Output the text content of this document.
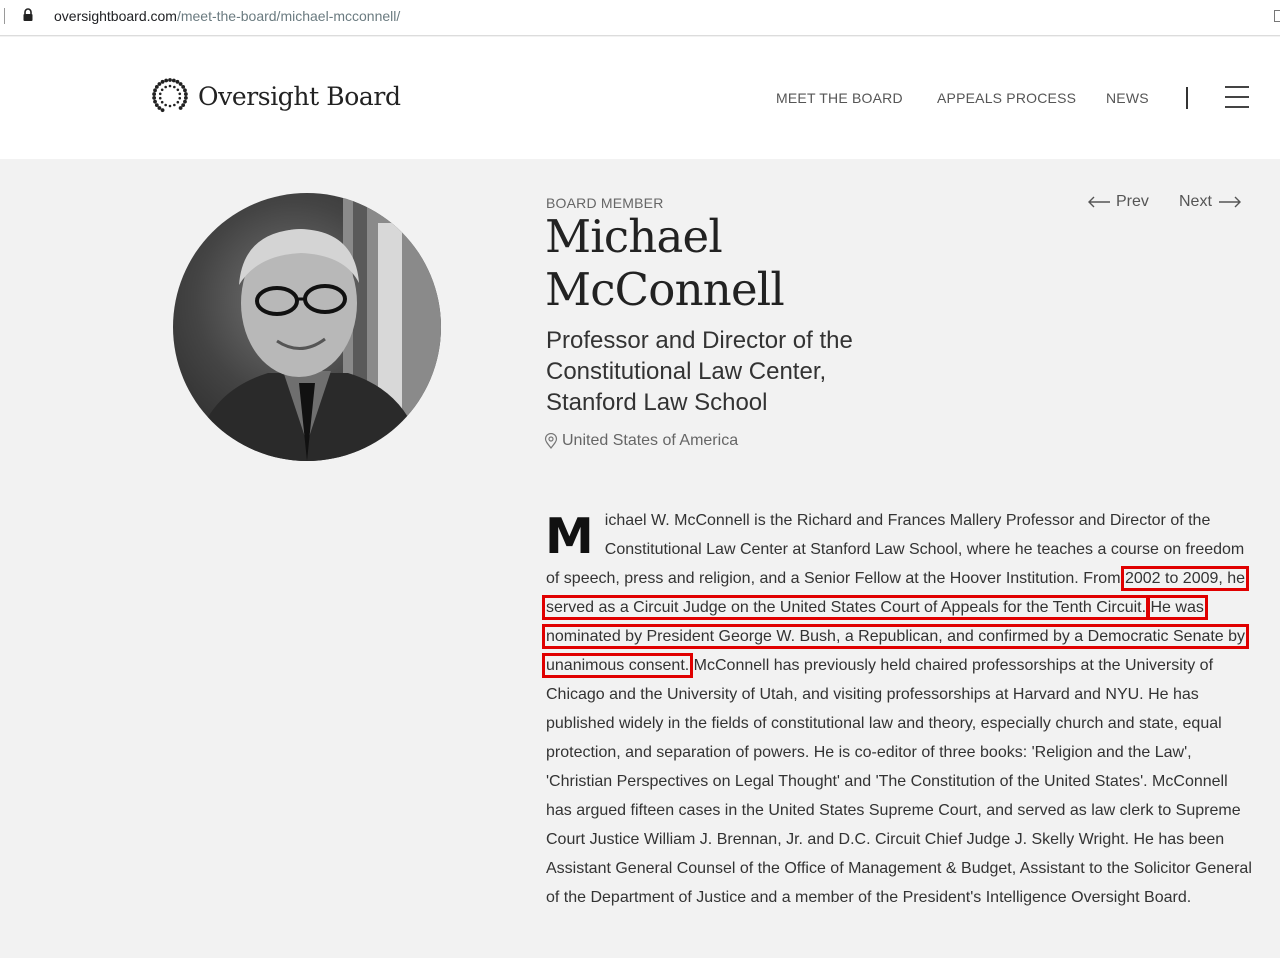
oversightboard.com/meet-the-board/michael-mcconnell/
Oversight Board	MEET THE BOARD APPEALS PROCESS NEWS
BOARD MEMBER
Michael McConnell
Professor and Director of the Constitutional Law Center, Stanford Law School
United States of America
Prev Next
M ichael W. McConnell is the Richard and Frances Mallery Professor and Director of the Constitutional Law Center at Stanford Law School, where he teaches a course on freedom of speech, press and religion, and a Senior Fellow at the Hoover Institution. From 2002 to 2009, he served as a Circuit Judge on the United States Court of Appeals for the Tenth Circuit. He was nominated by President George W. Bush, a Republican, and confirmed by a Democratic Senate by unanimous consent. McConnell has previously held chaired professorships at the University of Chicago and the University of Utah, and visiting professorships at Harvard and NYU. He has published widely in the fields of constitutional law and theory, especially church and state, equal protection, and separation of powers. He is co-editor of three books: 'Religion and the Law', 'Christian Perspectives on Legal Thought' and 'The Constitution of the United States'. McConnell has argued fifteen cases in the United States Supreme Court, and served as law clerk to Supreme Court Justice William J. Brennan, Jr. and D.C. Circuit Chief Judge J. Skelly Wright. He has been Assistant General Counsel of the Office of Management & Budget, Assistant to the Solicitor General of the Department of Justice and a member of the President's Intelligence Oversight Board.
